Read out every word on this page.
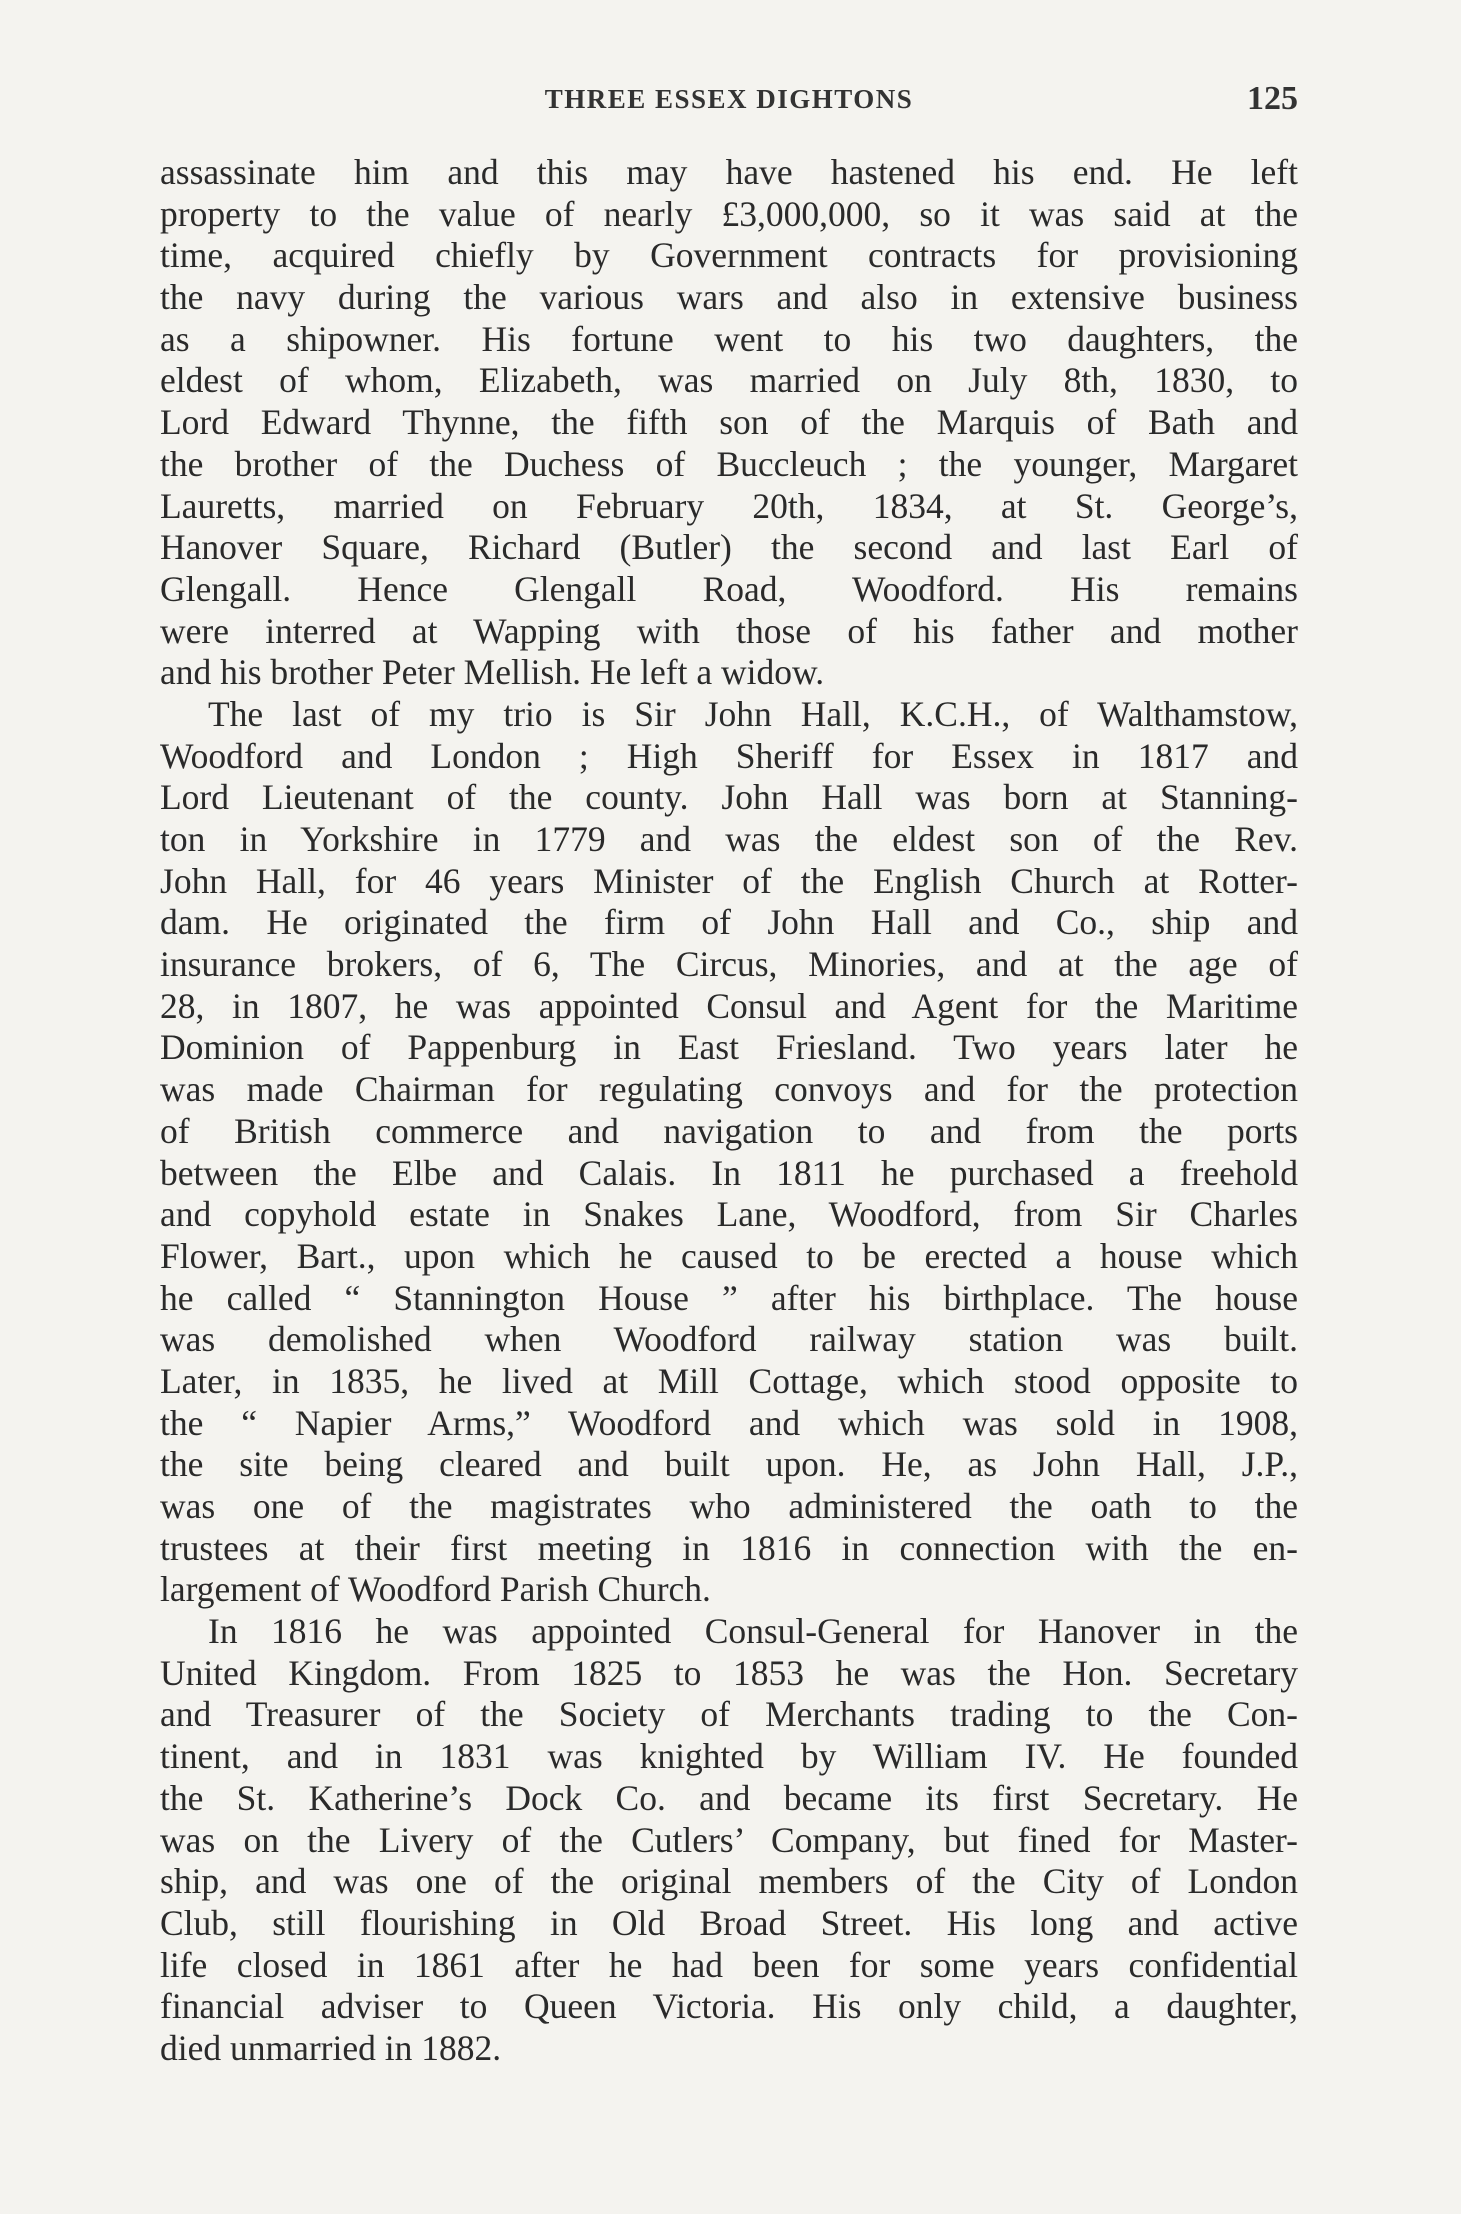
THREE ESSEX DIGHTONS	125
assassinate him and this may have hastened his end. He left
property to the value of nearly £3,000,000, so it was said at the
time, acquired chiefly by Government contracts for provisioning
the navy during the various wars and also in extensive business
as a shipowner. His fortune went to his two daughters, the
eldest of whom, Elizabeth, was married on July 8th, 1830, to
Lord Edward Thynne, the fifth son of the Marquis of Bath and
the brother of the Duchess of Buccleuch ; the younger, Margaret
Lauretts, married on February 20th, 1834, at St. George’s,
Hanover Square, Richard (Butler) the second and last Earl of
Glengall. Hence Glengall Road, Woodford. His remains
were interred at Wapping with those of his father and mother
and his brother Peter Mellish. He left a widow.
The last of my trio is Sir John Hall, K.C.H., of Walthamstow,
Woodford and London ; High Sheriff for Essex in 1817 and
Lord Lieutenant of the county. John Hall was born at Stanning-
ton in Yorkshire in 1779 and was the eldest son of the Rev.
John Hall, for 46 years Minister of the English Church at Rotter-
dam. He originated the firm of John Hall and Co., ship and
insurance brokers, of 6, The Circus, Minories, and at the age of
28, in 1807, he was appointed Consul and Agent for the Maritime
Dominion of Pappenburg in East Friesland. Two years later he
was made Chairman for regulating convoys and for the protection
of British commerce and navigation to and from the ports
between the Elbe and Calais. In 1811 he purchased a freehold
and copyhold estate in Snakes Lane, Woodford, from Sir Charles
Flower, Bart., upon which he caused to be erected a house which
he called “ Stannington House ” after his birthplace. The house
was demolished when Woodford railway station was built.
Later, in 1835, he lived at Mill Cottage, which stood opposite to
the “ Napier Arms,” Woodford and which was sold in 1908,
the site being cleared and built upon. He, as John Hall, J.P.,
was one of the magistrates who administered the oath to the
trustees at their first meeting in 1816 in connection with the en-
largement of Woodford Parish Church.
In 1816 he was appointed Consul-General for Hanover in the
United Kingdom. From 1825 to 1853 he was the Hon. Secretary
and Treasurer of the Society of Merchants trading to the Con-
tinent, and in 1831 was knighted by William IV. He founded
the St. Katherine’s Dock Co. and became its first Secretary. He
was on the Livery of the Cutlers’ Company, but fined for Master-
ship, and was one of the original members of the City of London
Club, still flourishing in Old Broad Street. His long and active
life closed in 1861 after he had been for some years confidential
financial adviser to Queen Victoria. His only child, a daughter,
died unmarried in 1882.
